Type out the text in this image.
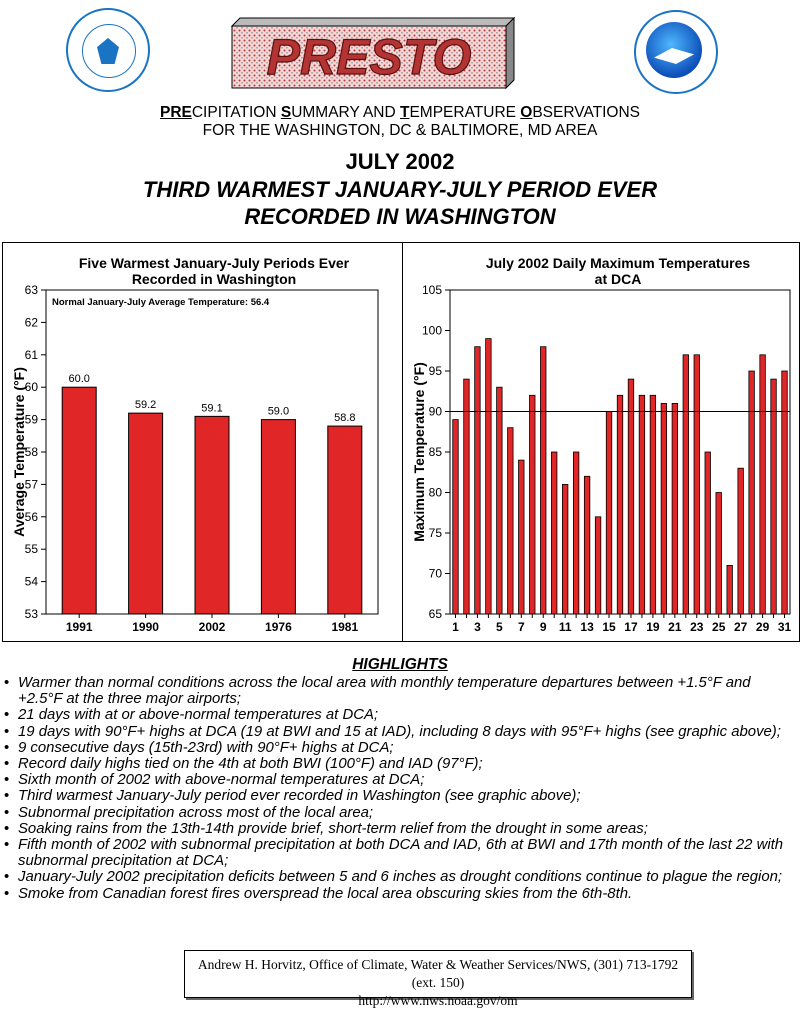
PRESTO
PRECIPITATION SUMMARY AND TEMPERATURE OBSERVATIONS
FOR THE WASHINGTON, DC & BALTIMORE, MD AREA
JULY 2002
THIRD WARMEST JANUARY-JULY PERIOD EVER
RECORDED IN WASHINGTON
Five Warmest January-July Periods Ever
Recorded in Washington
53
54
55
56
57
58
59
60
61
62
63
Average Temperature (°F)
Normal January-July Average Temperature: 56.4
60.0
1991
59.2
1990
59.1
2002
59.0
1976
58.8
1981
July 2002 Daily Maximum Temperatures
at DCA
65
70
75
80
85
90
95
100
105
Maximum Temperature (°F)
1 3 5 7 9 11 13 15 17 19 21 23 25 27 29 31
HIGHLIGHTS
• Warmer than normal conditions across the local area with monthly temperature departures between +1.5°F and +2.5°F at the three major airports;
• 21 days with at or above-normal temperatures at DCA;
• 19 days with 90°F+ highs at DCA (19 at BWI and 15 at IAD), including 8 days with 95°F+ highs (see graphic above);
• 9 consecutive days (15th-23rd) with 90°F+ highs at DCA;
• Record daily highs tied on the 4th at both BWI (100°F) and IAD (97°F);
• Sixth month of 2002 with above-normal temperatures at DCA;
• Third warmest January-July period ever recorded in Washington (see graphic above);
• Subnormal precipitation across most of the local area;
• Soaking rains from the 13th-14th provide brief, short-term relief from the drought in some areas;
• Fifth month of 2002 with subnormal precipitation at both DCA and IAD, 6th at BWI and 17th month of the last 22 with subnormal precipitation at DCA;
• January-July 2002 precipitation deficits between 5 and 6 inches as drought conditions continue to plague the region;
• Smoke from Canadian forest fires overspread the local area obscuring skies from the 6th-8th.
Andrew H. Horvitz, Office of Climate, Water & Weather Services/NWS, (301) 713-1792 (ext. 150)
http://www.nws.noaa.gov/om
